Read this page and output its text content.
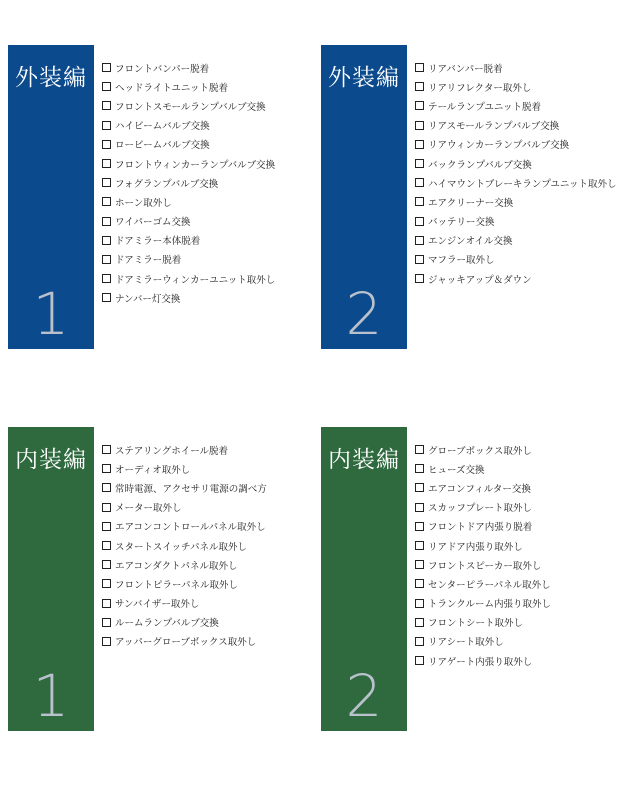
外装編
1
フロントバンパー脱着
ヘッドライトユニット脱着
フロントスモールランプバルブ交換
ハイビームバルブ交換
ロービームバルブ交換
フロントウィンカーランプバルブ交換
フォグランプバルブ交換
ホーン取外し
ワイパーゴム交換
ドアミラー本体脱着
ドアミラー脱着
ドアミラーウィンカーユニット取外し
ナンバー灯交換
外装編
2
リアバンパー脱着
リアリフレクター取外し
テールランプユニット脱着
リアスモールランプバルブ交換
リアウィンカーランプバルブ交換
バックランプバルブ交換
ハイマウントブレーキランプユニット取外し
エアクリーナー交換
バッテリー交換
エンジンオイル交換
マフラー取外し
ジャッキアップ＆ダウン
内装編
1
ステアリングホイール脱着
オーディオ取外し
常時電源、アクセサリ電源の調べ方
メーター取外し
エアコンコントロールパネル取外し
スタートスイッチパネル取外し
エアコンダクトパネル取外し
フロントピラーパネル取外し
サンバイザー取外し
ルームランプバルブ交換
アッパーグローブボックス取外し
内装編
2
グローブボックス取外し
ヒューズ交換
エアコンフィルター交換
スカッフプレート取外し
フロントドア内張り脱着
リアドア内張り取外し
フロントスピーカー取外し
センターピラーパネル取外し
トランクルーム内張り取外し
フロントシート取外し
リアシート取外し
リアゲート内張り取外し
